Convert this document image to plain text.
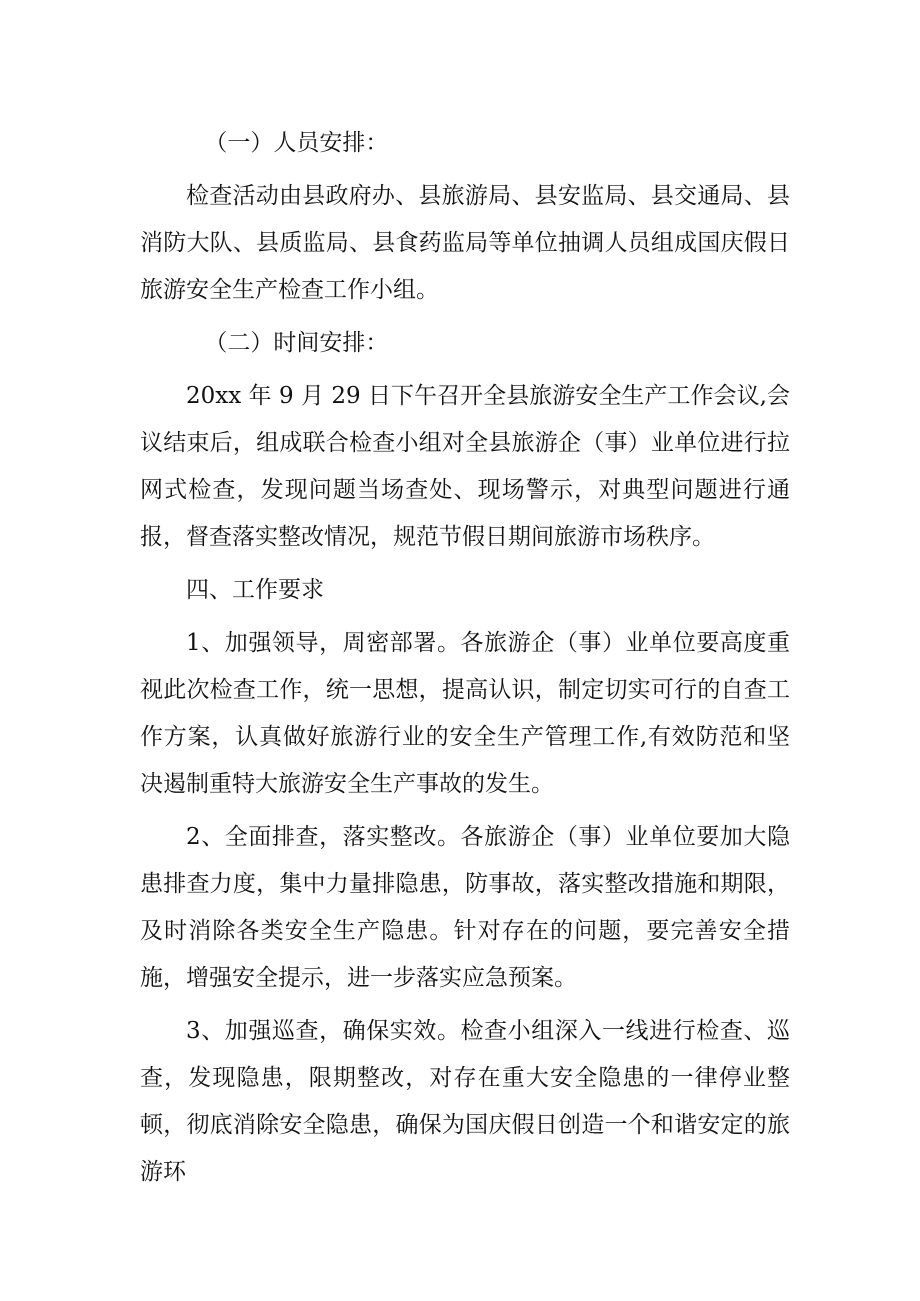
（一）人员安排：

检查活动由县政府办、县旅游局、县安监局、县交通局、县消防大队、县质监局、县食药监局等单位抽调人员组成国庆假日旅游安全生产检查工作小组。

（二）时间安排：

20xx 年 9 月 29 日下午召开全县旅游安全生产工作会议,会议结束后，组成联合检查小组对全县旅游企（事）业单位进行拉网式检查，发现问题当场查处、现场警示，对典型问题进行通报，督查落实整改情况，规范节假日期间旅游市场秩序。

四、工作要求

1、加强领导，周密部署。各旅游企（事）业单位要高度重视此次检查工作，统一思想，提高认识，制定切实可行的自查工作方案，认真做好旅游行业的安全生产管理工作,有效防范和坚决遏制重特大旅游安全生产事故的发生。

2、全面排查，落实整改。各旅游企（事）业单位要加大隐患排查力度，集中力量排隐患，防事故，落实整改措施和期限，及时消除各类安全生产隐患。针对存在的问题，要完善安全措施，增强安全提示，进一步落实应急预案。

3、加强巡查，确保实效。检查小组深入一线进行检查、巡查，发现隐患，限期整改，对存在重大安全隐患的一律停业整顿，彻底消除安全隐患，确保为国庆假日创造一个和谐安定的旅游环
